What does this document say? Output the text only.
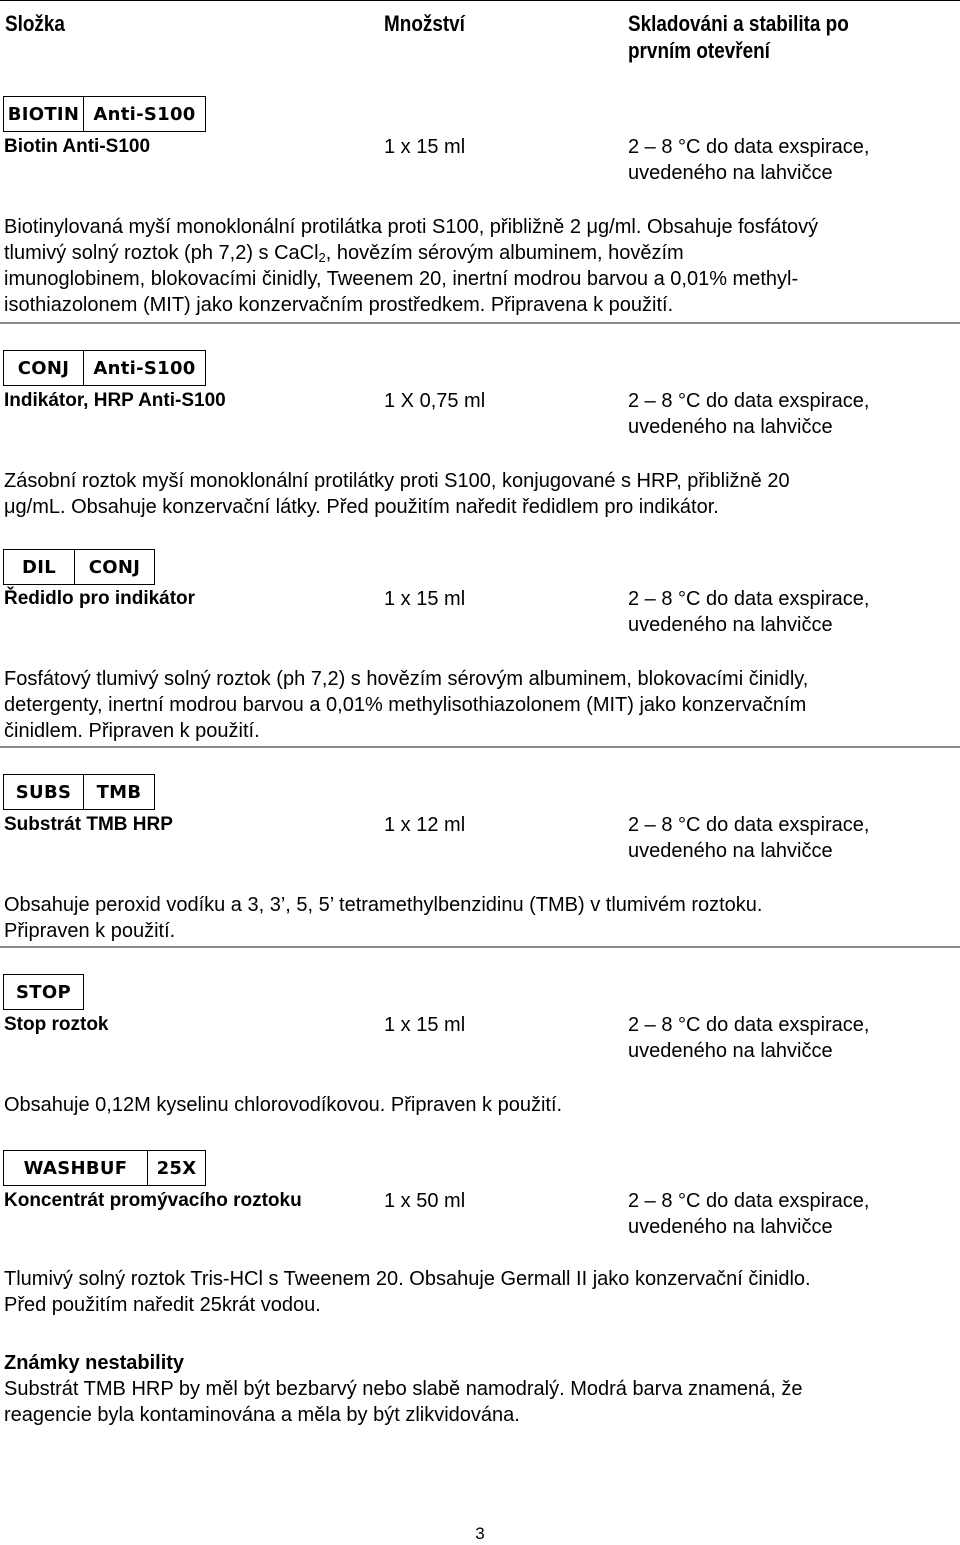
Složka	Množství	Skladováni a stabilita po prvním otevření
BIOTIN Anti-S100
Biotin Anti-S100	1 x 15 ml	2 – 8 °C do data exspirace,
uvedeného na lahvičce
Biotinylovaná myší monoklonální protilátka proti S100, přibližně 2 μg/ml. Obsahuje fosfátový
tlumivý solný roztok (ph 7,2) s CaCl$_2$, hovězím sérovým albuminem, hovězím
imunoglobinem, blokovacími činidly, Tweenem 20, inertní modrou barvou a 0,01% methyl-
isothiazolonem (MIT) jako konzervačním prostředkem. Připravena k použití.
CONJ	Anti-S100
Indikátor, HRP Anti-S100	1 X 0,75 ml	2 – 8 °C do data exspirace,
uvedeného na lahvičce
Zásobní roztok myší monoklonální protilátky proti S100, konjugované s HRP, přibližně 20
μg/mL. Obsahuje konzervační látky. Před použitím naředit ředidlem pro indikátor.
DIL	CONJ
Ředidlo pro indikátor	1 x 15 ml	2 – 8 °C do data exspirace,
uvedeného na lahvičce
Fosfátový tlumivý solný roztok (ph 7,2) s hovězím sérovým albuminem, blokovacími činidly,
detergenty, inertní modrou barvou a 0,01% methylisothiazolonem (MIT) jako konzervačním
činidlem. Připraven k použití.
SUBS	TMB
Substrát TMB HRP	1 x 12 ml	2 – 8 °C do data exspirace,
uvedeného na lahvičce
Obsahuje peroxid vodíku a 3, 3’, 5, 5’ tetramethylbenzidinu (TMB) v tlumivém roztoku.
Připraven k použití.
STOP
Stop roztok	1 x 15 ml	2 – 8 °C do data exspirace,
uvedeného na lahvičce
Obsahuje 0,12M kyselinu chlorovodíkovou. Připraven k použití.
WASHBUF	25X
Koncentrát promývacího roztoku	1 x 50 ml	2 – 8 °C do data exspirace,
uvedeného na lahvičce
Tlumivý solný roztok Tris-HCl s Tweenem 20. Obsahuje Germall II jako konzervační činidlo.
Před použitím naředit 25krát vodou.
Známky nestability
Substrát TMB HRP by měl být bezbarvý nebo slabě namodralý. Modrá barva znamená, že
reagencie byla kontaminována a měla by být zlikvidována.
3
